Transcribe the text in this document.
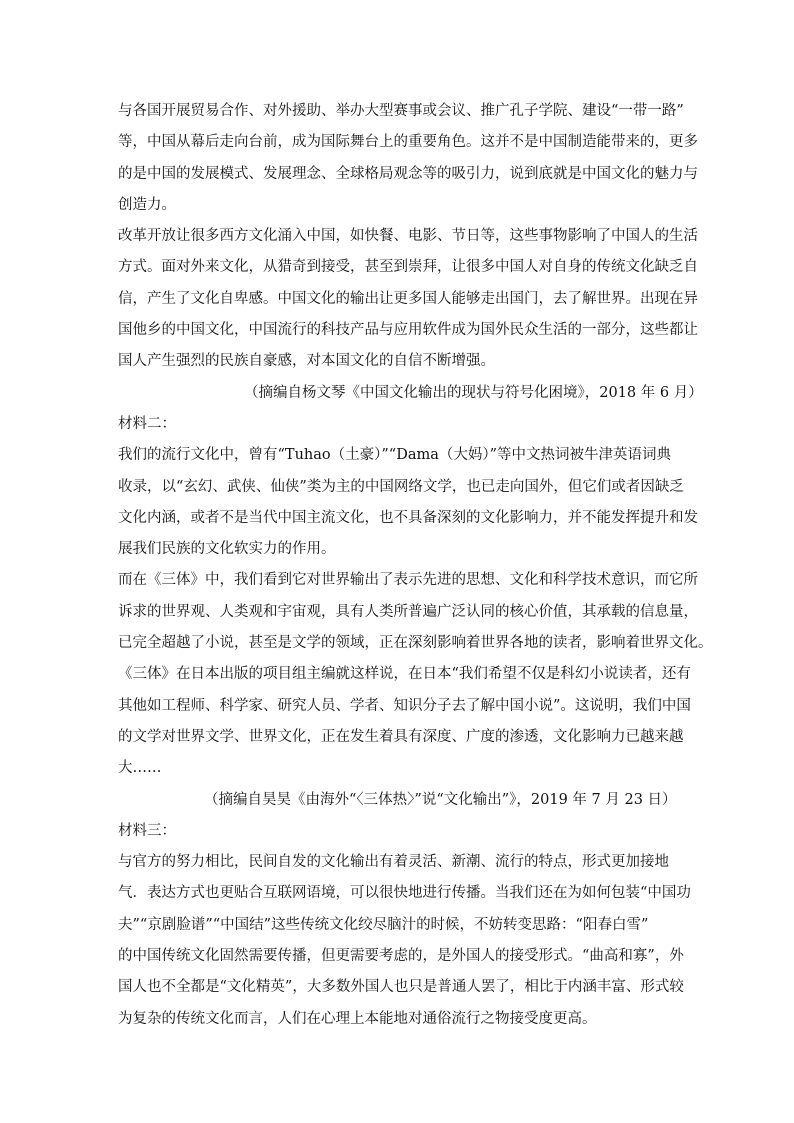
与各国开展贸易合作、对外援助、举办大型赛事或会议、推广孔子学院、建设“一带一路”
等，中国从幕后走向台前，成为国际舞台上的重要角色。这并不是中国制造能带来的，更多
的是中国的发展模式、发展理念、全球格局观念等的吸引力，说到底就是中国文化的魅力与
创造力。
改革开放让很多西方文化涌入中国，如快餐、电影、节日等，这些事物影响了中国人的生活
方式。面对外来文化，从猎奇到接受，甚至到崇拜，让很多中国人对自身的传统文化缺乏自
信，产生了文化自卑感。中国文化的输出让更多国人能够走出国门，去了解世界。出现在异
国他乡的中国文化，中国流行的科技产品与应用软件成为国外民众生活的一部分，这些都让
国人产生强烈的民族自豪感，对本国文化的自信不断增强。
（摘编自杨文琴《中国文化输出的现状与符号化困境》，2018 年 6 月）
材料二：
我们的流行文化中，曾有“Tuhao（土豪）”“Dama（大妈）”等中文热词被牛津英语词典
收录，以“玄幻、武侠、仙侠”类为主的中国网络文学，也已走向国外，但它们或者因缺乏
文化内涵，或者不是当代中国主流文化，也不具备深刻的文化影响力，并不能发挥提升和发
展我们民族的文化软实力的作用。
而在《三体》中，我们看到它对世界输出了表示先进的思想、文化和科学技术意识，而它所
诉求的世界观、人类观和宇宙观，具有人类所普遍广泛认同的核心价值，其承载的信息量，
已完全超越了小说，甚至是文学的领域，正在深刻影响着世界各地的读者，影响着世界文化。
《三体》在日本出版的项目组主编就这样说，在日本“我们希望不仅是科幻小说读者，还有
其他如工程师、科学家、研究人员、学者、知识分子去了解中国小说”。这说明，我们中国
的文学对世界文学、世界文化，正在发生着具有深度、广度的渗透，文化影响力已越来越
大……
（摘编自昊昊《由海外“〈三体热〉”说“文化输出”》，2019 年 7 月 23 日）
材料三：
与官方的努力相比，民间自发的文化输出有着灵活、新潮、流行的特点，形式更加接地
气．表达方式也更贴合互联网语境，可以很快地进行传播。当我们还在为如何包装“中国功
夫”“京剧脸谱”“中国结”这些传统文化绞尽脑汁的时候，不妨转变思路：“阳春白雪”
的中国传统文化固然需要传播，但更需要考虑的，是外国人的接受形式。“曲高和寡”，外
国人也不全都是“文化精英”，大多数外国人也只是普通人罢了，相比于内涵丰富、形式较
为复杂的传统文化而言，人们在心理上本能地对通俗流行之物接受度更高。
